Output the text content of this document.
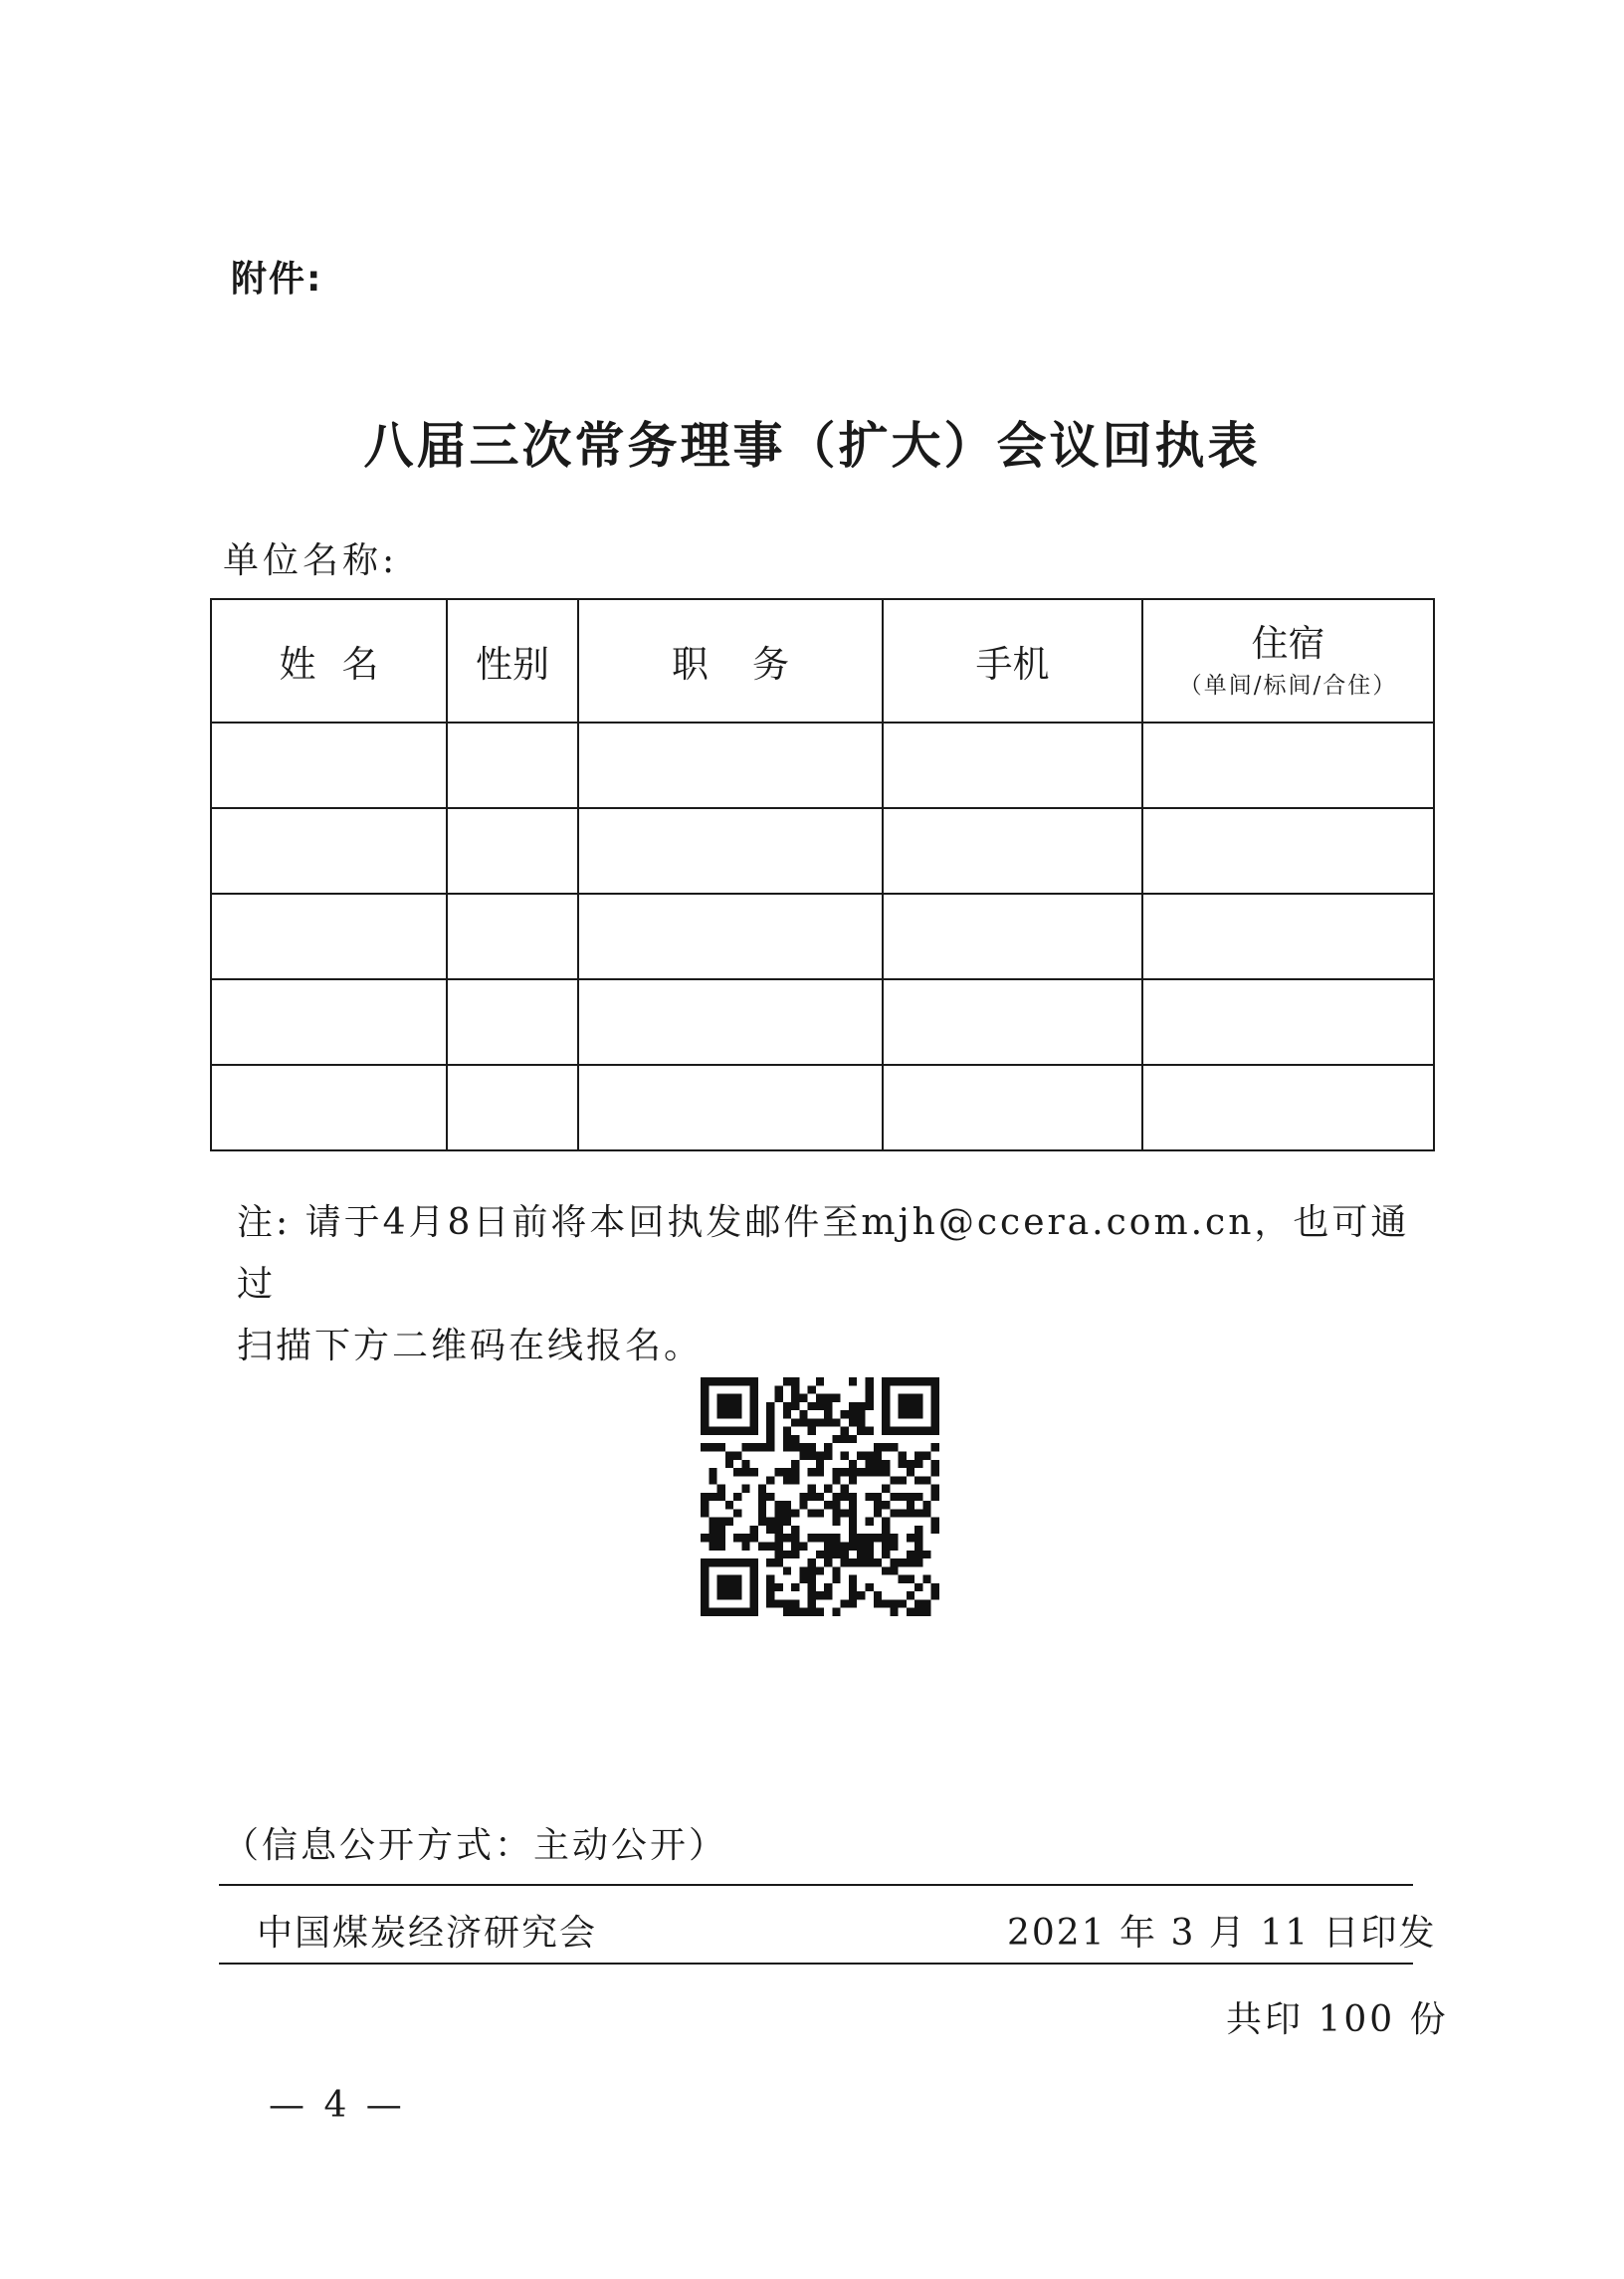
附件:
八届三次常务理事（扩大）会议回执表
单位名称:
姓名	性别	职务	手机	住宿
（单间/标间/合住）

注: 请于4月8日前将本回执发邮件至mjh@ccera.com.cn，也可通过
扫描下方二维码在线报名。
（信息公开方式：主动公开）
中国煤炭经济研究会	2021 年 3 月 11 日印发
共印 100 份
— 4 —
